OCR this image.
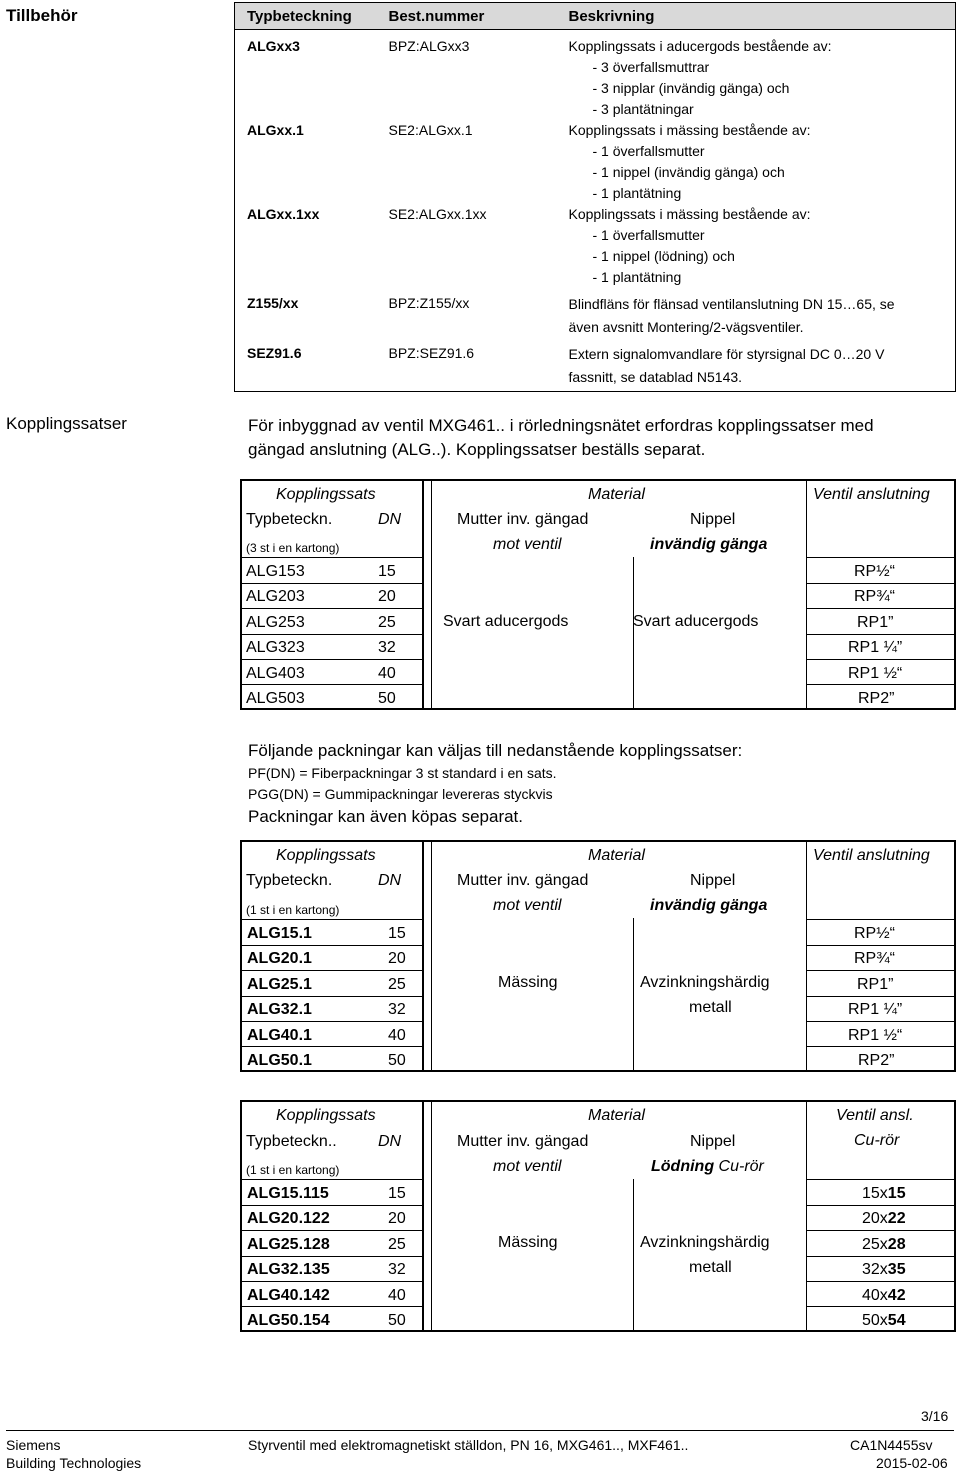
Tillbehör
Kopplingssatser
Typbeteckning	Best.nummer	Beskrivning
ALGxx3	BPZ:ALGxx3	Kopplingssats i aducergods bestående av:
- 3 överfallsmuttrar
- 3 nipplar (invändig gänga) och
- 3 plantätningar

ALGxx.1	SE2:ALGxx.1	Kopplingssats i mässing bestående av:
- 1 överfallsmutter
- 1 nippel (invändig gänga) och
- 1 plantätning

ALGxx.1xx	SE2:ALGxx.1xx	Kopplingssats i mässing bestående av:
- 1 överfallsmutter
- 1 nippel (lödning) och
- 1 plantätning

Z155/xx	BPZ:Z155/xx	Blindfläns för flänsad ventilanslutning DN 15…65, se
även avsnitt Montering/2-vägsventiler.

SEZ91.6	BPZ:SEZ91.6	Extern signalomvandlare för styrsignal DC 0…20 V
fassnitt, se datablad N5143.
För inbyggnad av ventil MXG461.. i rörledningsnätet erfordras kopplingssatser med
gängad anslutning (ALG..). Kopplingssatser beställs separat.
Kopplingssats	Material	Ventil anslutning
Typbeteckn.	DN	Mutter inv. gängad	Nippel
(3 st i en kartong)	mot ventil	invändig gänga
Svart aducergods	Svart aducergods
ALG153	15	RP½“
ALG203	20	RP¾“
ALG253	25	RP1”
ALG323	32	RP1 ¼”
ALG403	40	RP1 ½“
ALG503	50	RP2”
Följande packningar kan väljas till nedanstående kopplingssatser:
PF(DN) = Fiberpackningar 3 st standard i en sats.
PGG(DN) = Gummipackningar levereras styckvis
Packningar kan även köpas separat.
Kopplingssats	Material	Ventil anslutning
Typbeteckn.	DN	Mutter inv. gängad	Nippel
(1 st i en kartong)	mot ventil	invändig gänga
Mässing	Avzinkningshärdig
metall
ALG15.1	15	RP½“
ALG20.1	20	RP¾“
ALG25.1	25	RP1”
ALG32.1	32	RP1 ¼”
ALG40.1	40	RP1 ½“
ALG50.1	50	RP2”
Kopplingssats	Material	Ventil ansl.
Cu-rör
Typbeteckn..	DN	Mutter inv. gängad	Nippel
(1 st i en kartong)	mot ventil	Lödning Cu-rör
Mässing	Avzinkningshärdig
metall
ALG15.115	15	15x15
ALG20.122	20	20x22
ALG25.128	25	25x28
ALG32.135	32	32x35
ALG40.142	40	40x42
ALG50.154	50	50x54
3/16
Siemens
Building Technologies
Styrventil med elektromagnetiskt ställdon, PN 16, MXG461.., MXF461..	CA1N4455sv
2015-02-06
